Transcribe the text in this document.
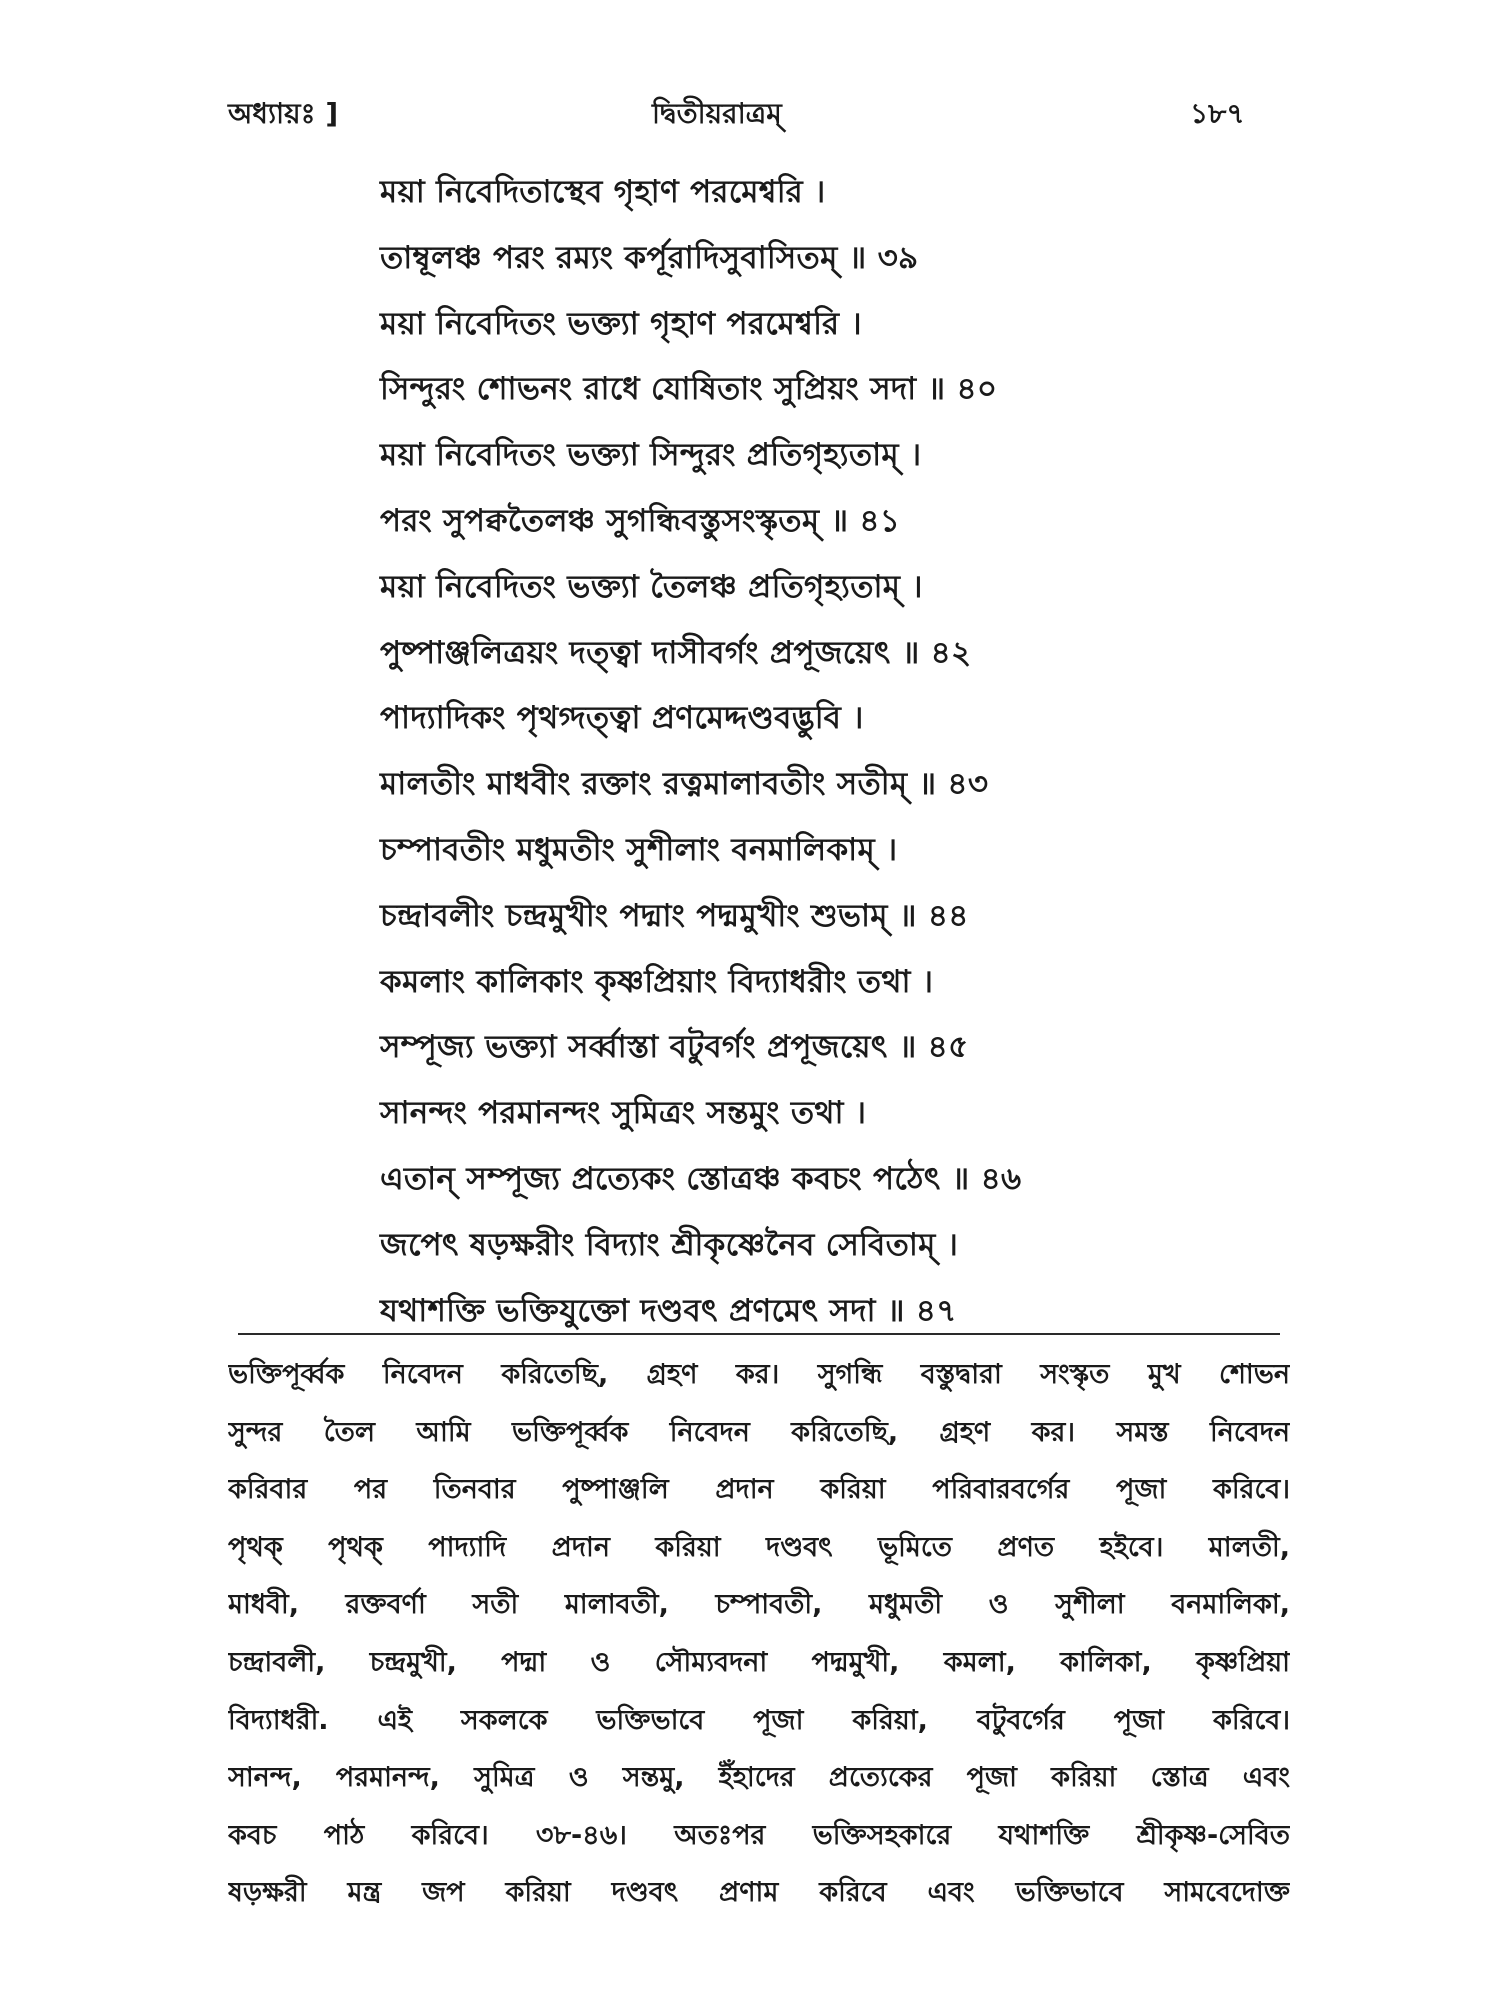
অধ্যায়ঃ ]	দ্বিতীয়রাত্রম্‌	১৮৭
ময়া নিবেদিতাস্থেব গৃহাণ পরমেশ্বরি ।
তাম্বূলঞ্চ পরং রম্যং কর্পূরাদিসুবাসিতম্‌ ॥ ৩৯
ময়া নিবেদিতং ভক্ত্যা গৃহাণ পরমেশ্বরি ।
সিন্দুরং শোভনং রাধে যোষিতাং সুপ্রিয়ং সদা ॥ ৪০
ময়া নিবেদিতং ভক্ত্যা সিন্দুরং প্রতিগৃহ্যতাম্‌ ।
পরং সুপক্বতৈলঞ্চ সুগন্ধিবস্তুসংস্কৃতম্‌ ॥ ৪১
ময়া নিবেদিতং ভক্ত্যা তৈলঞ্চ প্রতিগৃহ্যতাম্‌ ।
পুষ্পাঞ্জলিত্রয়ং দত্ত্বা দাসীবর্গং প্রপূজয়েৎ ॥ ৪২
পাদ্যাদিকং পৃথগ্দত্ত্বা প্রণমেদ্দণ্ডবদ্ভুবি ।
মালতীং মাধবীং রক্তাং রত্নমালাবতীং সতীম্‌ ॥ ৪৩
চম্পাবতীং মধুমতীং সুশীলাং বনমালিকাম্‌ ।
চন্দ্রাবলীং চন্দ্রমুখীং পদ্মাং পদ্মমুখীং শুভাম্‌ ॥ ৪৪
কমলাং কালিকাং কৃষ্ণপ্রিয়াং বিদ্যাধরীং তথা ।
সম্পূজ্য ভক্ত্যা সর্ব্বাস্তা বটুবর্গং প্রপূজয়েৎ ॥ ৪৫
সানন্দং পরমানন্দং সুমিত্রং সন্তমুং তথা ।
এতান্‌ সম্পূজ্য প্রত্যেকং স্তোত্রঞ্চ কবচং পঠেৎ ॥ ৪৬
জপেৎ ষড়ক্ষরীং বিদ্যাং শ্রীকৃষ্ণেনৈব সেবিতাম্‌ ।
যথাশক্তি ভক্তিযুক্তো দণ্ডবৎ প্রণমেৎ সদা ॥ ৪৭
ভক্তিপূর্ব্বক নিবেদন করিতেছি, গ্রহণ কর। সুগন্ধি বস্তুদ্বারা সংস্কৃত মুখ শোভন
সুন্দর তৈল আমি ভক্তিপূর্ব্বক নিবেদন করিতেছি, গ্রহণ কর। সমস্ত নিবেদন
করিবার পর তিনবার পুষ্পাঞ্জলি প্রদান করিয়া পরিবারবর্গের পূজা করিবে।
পৃথক্‌ পৃথক্‌ পাদ্যাদি প্রদান করিয়া দণ্ডবৎ ভূমিতে প্রণত হইবে। মালতী,
মাধবী, রক্তবর্ণা সতী মালাবতী, চম্পাবতী, মধুমতী ও সুশীলা বনমালিকা,
চন্দ্রাবলী, চন্দ্রমুখী, পদ্মা ও সৌম্যবদনা পদ্মমুখী, কমলা, কালিকা, কৃষ্ণপ্রিয়া
বিদ্যাধরী. এই সকলকে ভক্তিভাবে পূজা করিয়া, বটুবর্গের পূজা করিবে।
সানন্দ, পরমানন্দ, সুমিত্র ও সন্তমু, ইঁহাদের প্রত্যেকের পূজা করিয়া স্তোত্র এবং
কবচ পাঠ করিবে। ৩৮-৪৬। অতঃপর ভক্তিসহকারে যথাশক্তি শ্রীকৃষ্ণ-সেবিত
ষড়ক্ষরী মন্ত্র জপ করিয়া দণ্ডবৎ প্রণাম করিবে এবং ভক্তিভাবে সামবেদোক্ত
